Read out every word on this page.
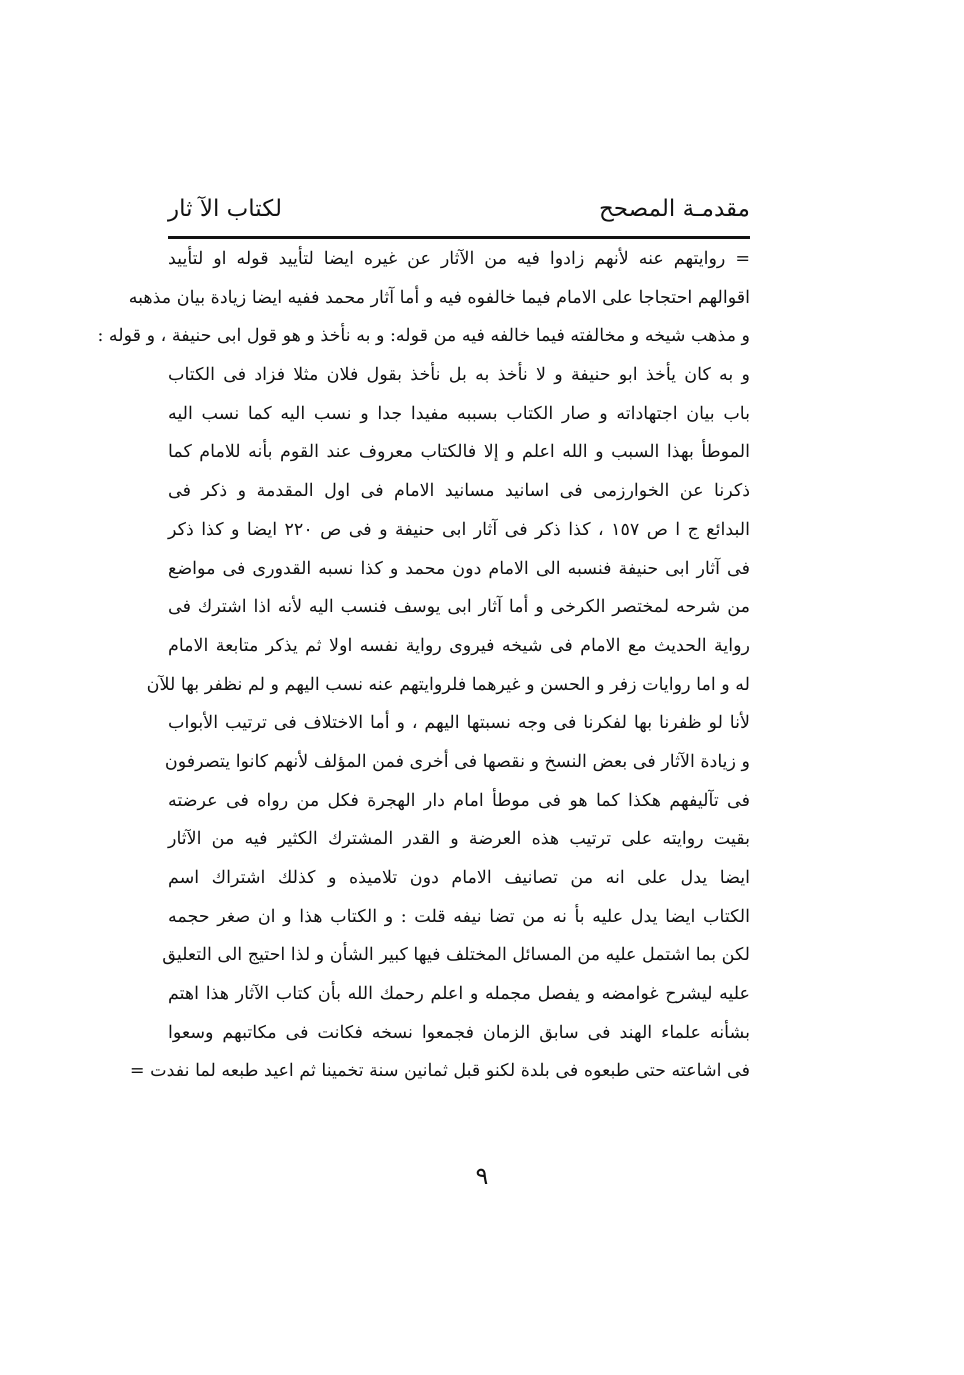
مقدمـة المصحح
لكتاب الآ ثار
= روايتهم عنه لأنهم زادوا فيه من الآثار عن غيره ايضا لتأييد قوله او لتأييد
اقوالهم احتجاجا على الامام فيما خالفوه فيه و أما آثار محمد ففيه ايضا زيادة بيان مذهبه
و مذهب شيخه و مخالفته فيما خالفه فيه من قوله: و به نأخذ و هو قول ابى حنيفة ، و قوله :
و به كان يأخذ ابو حنيفة و لا نأخذ به بل نأخذ بقول فلان مثلا فزاد فى الكتاب
باب بيان اجتهاداته و صار الكتاب بسببه مفيدا جدا و نسب اليه كما نسب اليه
الموطأ بهذا السبب و الله اعلم و إلا فالكتاب معروف عند القوم بأنه للامام كما
ذكرنا عن الخوارزمى فى اسانيد مسانيد الامام فى اول المقدمة و ذكر فى
البدائع ج ا ص ١٥٧ ، كذا ذكر فى آثار ابى حنيفة و فى ص ٢٢٠ ايضا و كذا ذكر
فى آثار ابى حنيفة فنسبه الى الامام دون محمد و كذا نسبه القدورى فى مواضع
من شرحه لمختصر الكرخى و أما آثار ابى يوسف فنسب اليه لأنه اذا اشترك فى
رواية الحديث مع الامام فى شيخه فيروى رواية نفسه اولا ثم يذكر متابعة الامام
له و اما روايات زفر و الحسن و غيرهما فلروايتهم عنه نسب اليهم و لم نظفر بها للآن
لأنا لو ظفرنا بها لفكرنا فى وجه نسبتها اليهم ، و أما الاختلاف فى ترتيب الأبواب
و زيادة الآثار فى بعض النسخ و نقصها فى أخرى فمن المؤلف لأنهم كانوا يتصرفون
فى تآليفهم هكذا كما هو فى موطأ امام دار الهجرة فكل من رواه فى عرضته
بقيت روايته على ترتيب هذه العرضة و القدر المشترك الكثير فيه من الآثار
ايضا يدل على انه من تصانيف الامام دون تلاميذه و كذلك اشتراك اسم
الكتاب ايضا يدل عليه بأ نه من تضا نيفه قلت : و الكتاب هذا و ان صغر حجمه
لكن بما اشتمل عليه من المسائل المختلف فيها كبير الشأن و لذا احتيج الى التعليق
عليه ليشرح غوامضه و يفصل مجمله و اعلم رحمك الله بأن كتاب الآثار هذا اهتم
بشأنه علماء الهند فى سابق الزمان فجمعوا نسخه فكانت فى مكاتبهم وسعوا
فى اشاعته حتى طبعوه فى بلدة لكنو قبل ثمانين سنة تخمينا ثم اعيد طبعه لما نفدت =
٩
